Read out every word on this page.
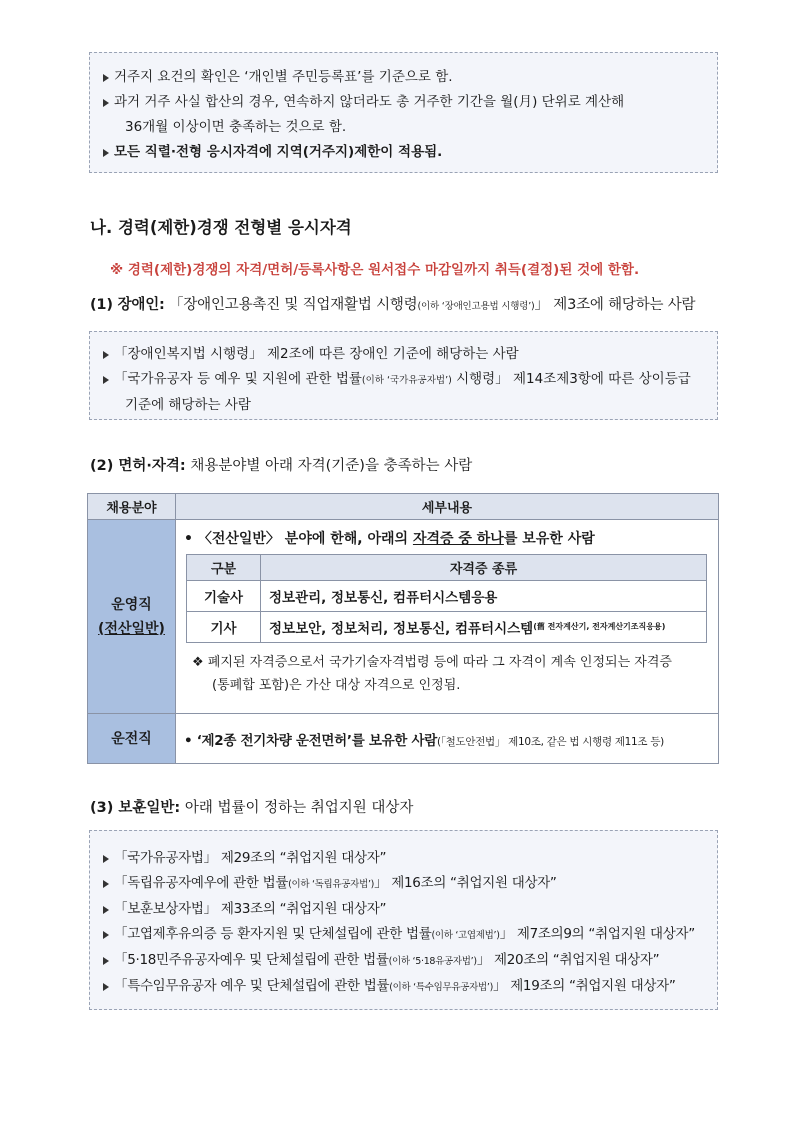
거주지 요건의 확인은 ‘개인별 주민등록표’를 기준으로 함.
과거 거주 사실 합산의 경우, 연속하지 않더라도 총 거주한 기간을 월(月) 단위로 계산해
36개월 이상이면 충족하는 것으로 함.
모든 직렬·전형 응시자격에 지역(거주지)제한이 적용됨.
나. 경력(제한)경쟁 전형별 응시자격
※ 경력(제한)경쟁의 자격/면허/등록사항은 원서접수 마감일까지 취득(결정)된 것에 한함.
(1) 장애인: 「장애인고용촉진 및 직업재활법 시행령(이하 ‘장애인고용법 시행령’)」 제3조에 해당하는 사람
「장애인복지법 시행령」 제2조에 따른 장애인 기준에 해당하는 사람
「국가유공자 등 예우 및 지원에 관한 법률(이하 ‘국가유공자법’) 시행령」 제14조제3항에 따른 상이등급
기준에 해당하는 사람
(2) 면허·자격: 채용분야별 아래 자격(기준)을 충족하는 사람
채용분야	세부내용

운영직
(전산일반)

• 〈전산일반〉 분야에 한해, 아래의 자격증 중 하나를 보유한 사람
구분	자격증 종류
기술사	정보관리, 정보통신, 컴퓨터시스템응용
기사	정보보안, 정보처리, 정보통신, 컴퓨터시스템$^{(舊 전자계산기, 전자계산기조직응용)}$
❖ 폐지된 자격증으로서 국가기술자격법령 등에 따라 그 자격이 계속 인정되는 자격증
(통폐합 포함)은 가산 대상 자격으로 인정됨.

운전직	• ‘제2종 전기차량 운전면허’를 보유한 사람(「철도안전법」 제10조, 같은 법 시행령 제11조 등)
(3) 보훈일반: 아래 법률이 정하는 취업지원 대상자
「국가유공자법」 제29조의 “취업지원 대상자”
「독립유공자예우에 관한 법률(이하 ‘독립유공자법’)」 제16조의 “취업지원 대상자”
「보훈보상자법」 제33조의 “취업지원 대상자”
「고엽제후유의증 등 환자지원 및 단체설립에 관한 법률(이하 ‘고엽제법’)」 제7조의9의 “취업지원 대상자”
「5·18민주유공자예우 및 단체설립에 관한 법률(이하 ‘5·18유공자법’)」 제20조의 “취업지원 대상자”
「특수임무유공자 예우 및 단체설립에 관한 법률(이하 ‘특수임무유공자법’)」 제19조의 “취업지원 대상자”
